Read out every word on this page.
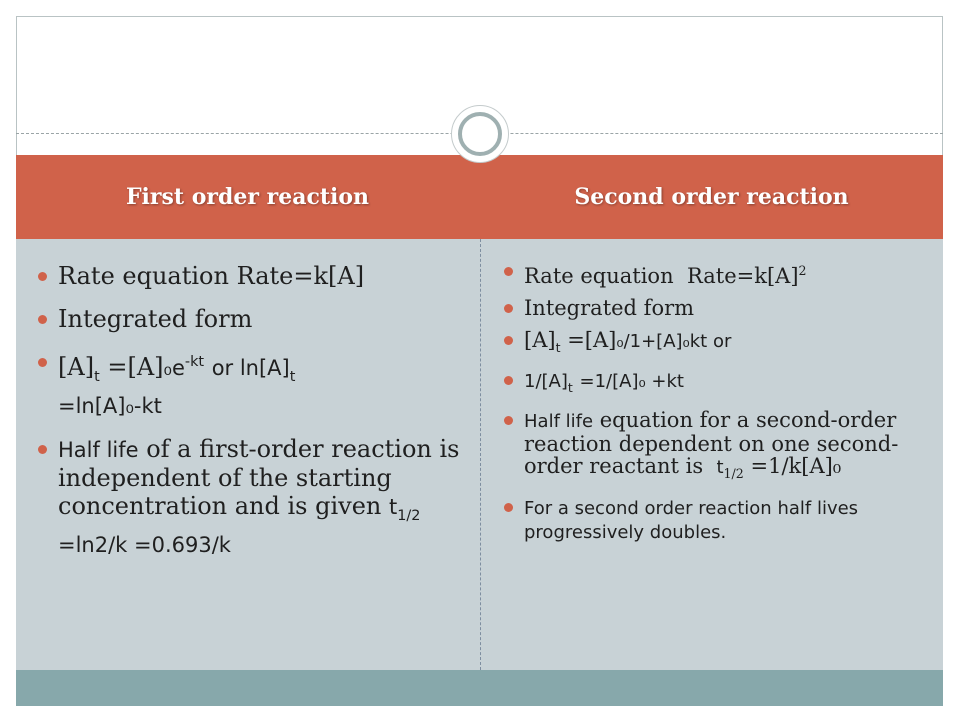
First order reaction	Second order reaction
Rate equation Rate=k[A]
Integrated form
$[A]_t =[A]_0e^{-kt}$ or $\ln[A]_t$
=ln[A]₀-kt
Half life of a first-order reaction is independent of the starting concentration and is given $t_{1/2} =\ln 2/k =0.693/k$
Rate equation $Rate=k[A]^2$
Integrated form
$[A]_t =[A]_0/1+[A]_0kt$ or
$1/[A]_t =1/[A]_0 +kt$
Half life equation for a second-order reaction dependent on one second-order reactant is $t_{1/2} =1/k[A]_0$
For a second order reaction half lives progressively doubles.
